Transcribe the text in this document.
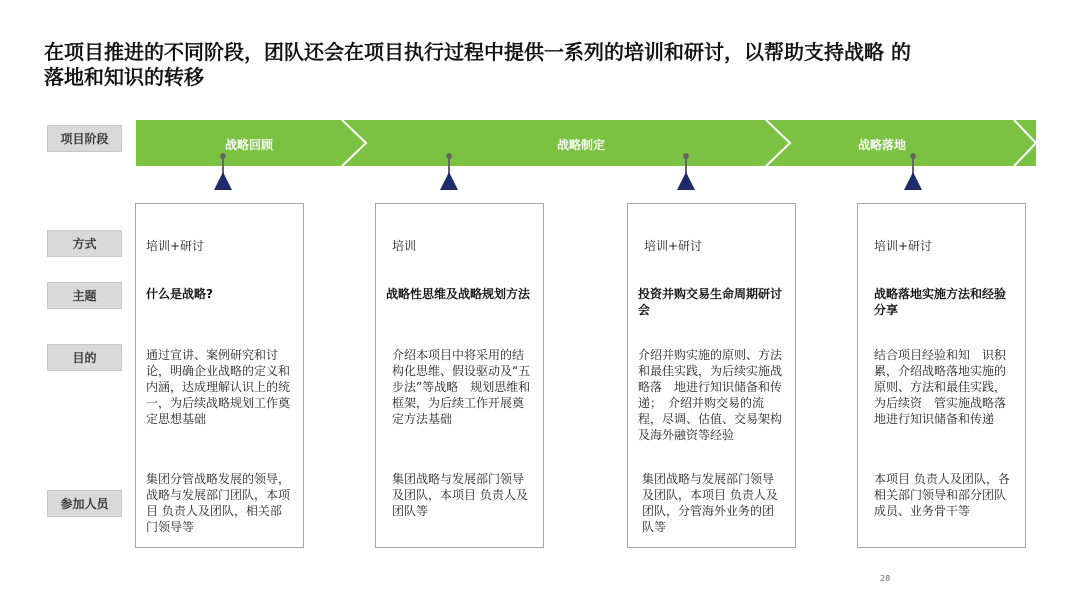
在项目推进的不同阶段，团队还会在项目执行过程中提供一系列的培训和研讨，以帮助支持战略 的
落地和知识的转移
项目阶段
方式
主题
目的
参加人员
战略回顾	战略制定	战略落地
培训+研讨
什么是战略?
通过宣讲、案例研究和讨论，明确企业战略的定义和内涵，达成理解认识上的统一，为后续战略规划工作奠定思想基础
集团分管战略发展的领导，战略与发展部门团队，本项目 负责人及团队，相关部门领导等
培训
战略性思维及战略规划方法
介绍本项目中将采用的结构化思维、假设驱动及“五步法”等战略　规划思维和框架，为后续工作开展奠定方法基础
集团战略与发展部门领导及团队，本项目 负责人及团队等
培训+研讨
投资并购交易生命周期研讨会
介绍并购实施的原则、方法和最佳实践，为后续实施战略落　地进行知识储备和传递；　介绍并购交易的流程，尽调、估值、交易架构及海外融资等经验
集团战略与发展部门领导及团队，本项目 负责人及团队，分管海外业务的团队等
培训+研讨
战略落地实施方法和经验分享
结合项目经验和知　识积累，介绍战略落地实施的原则、方法和最佳实践，为后续资　管实施战略落地进行知识储备和传递
本项目 负责人及团队，各相关部门领导和部分团队成员、业务骨干等
28
